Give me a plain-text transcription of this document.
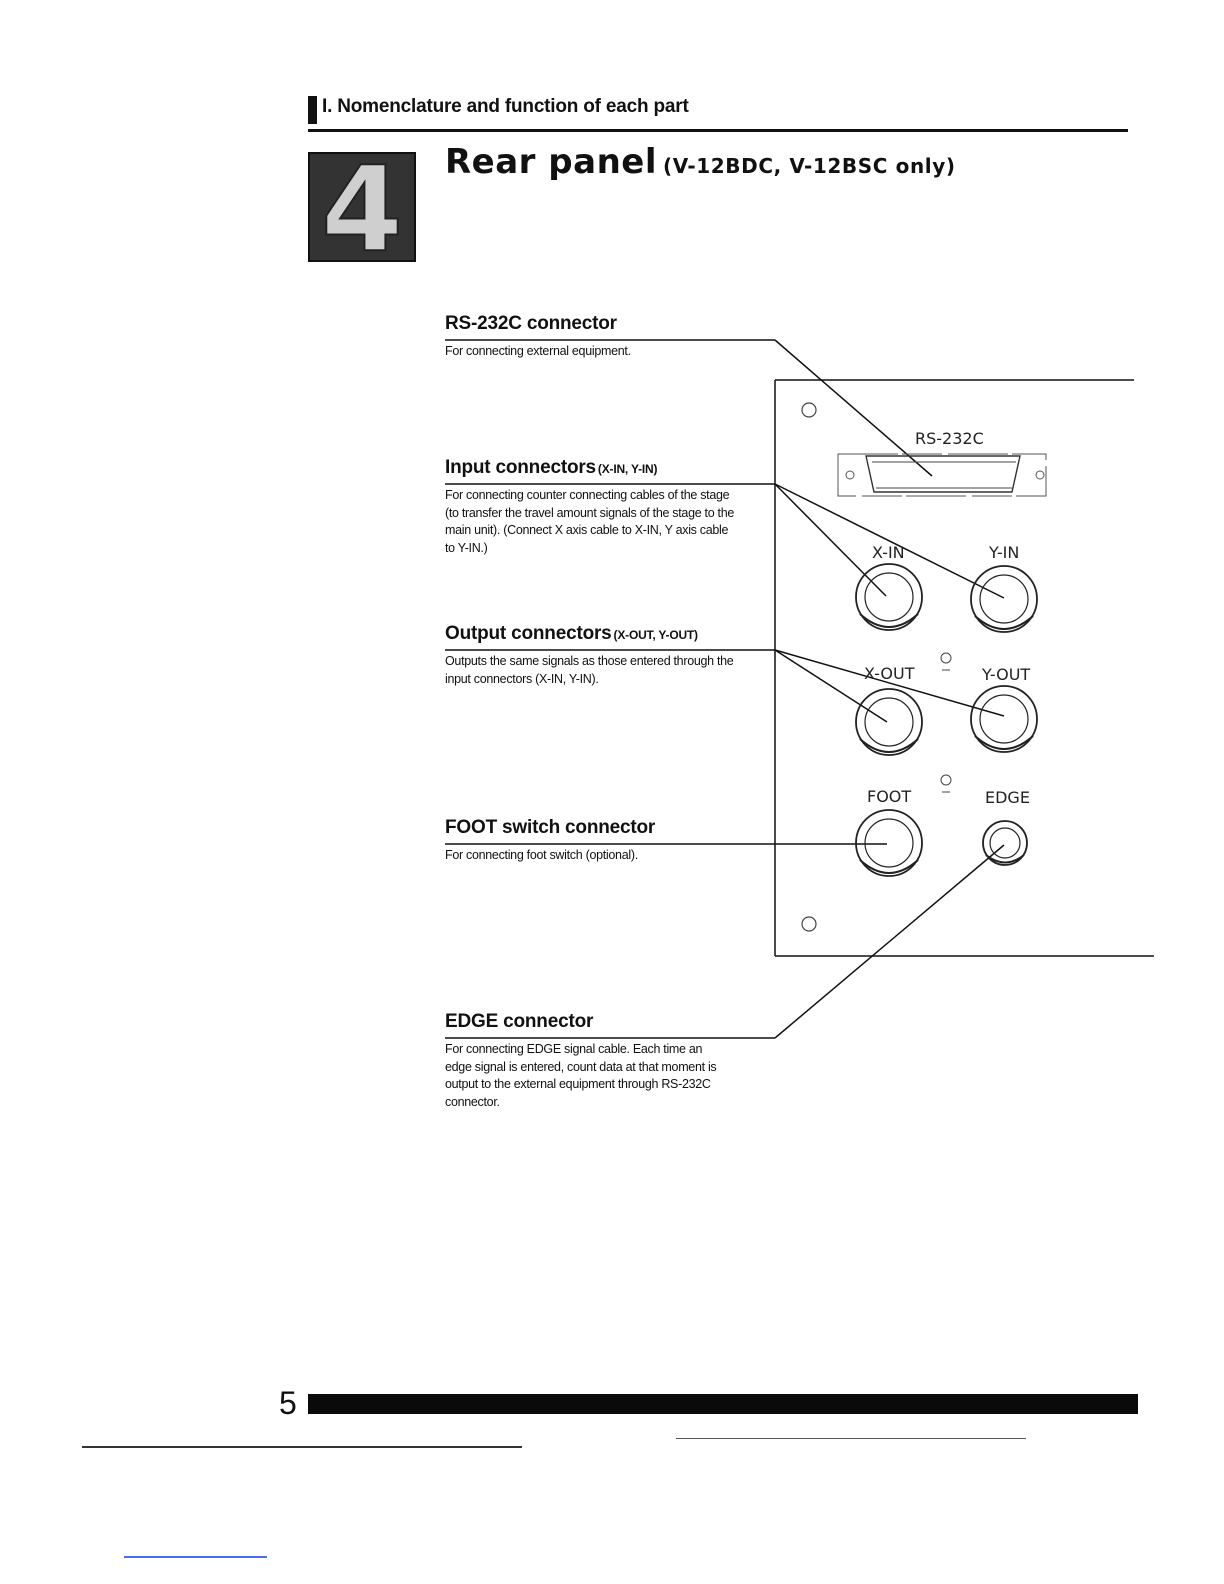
I. Nomenclature and function of each part
4	Rear panel (V-12BDC, V-12BSC only)
RS-232C connector
For connecting external equipment.
Input connectors (X-IN, Y-IN)
For connecting counter connecting cables of the stage (to transfer the travel amount signals of the stage to the main unit). (Connect X axis cable to X-IN, Y axis cable to Y-IN.)
Output connectors (X-OUT, Y-OUT)
Outputs the same signals as those entered through the input connectors (X-IN, Y-IN).
FOOT switch connector
For connecting foot switch (optional).
EDGE connector
For connecting EDGE signal cable. Each time an edge signal is entered, count data at that moment is output to the external equipment through RS-232C connector.
RS-232C
X-IN	Y-IN
X-OUT	Y-OUT
FOOT	EDGE
5
